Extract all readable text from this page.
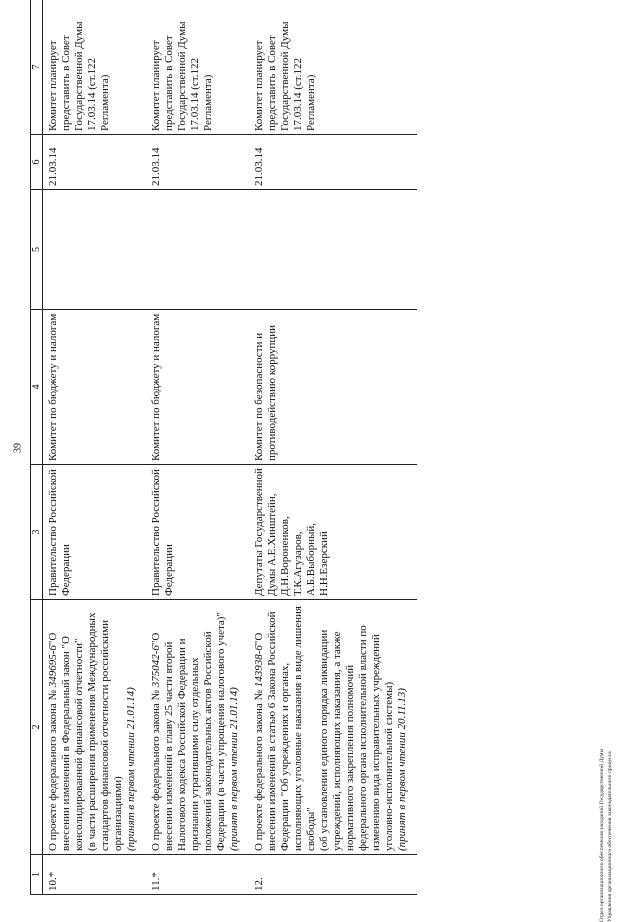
39
1	2	3	4	5	6	7
10.*	О проекте федерального закона № 349695-6"О внесении изменений в Федеральный закон "О консолидированной финансовой отчетности"
(в части расширения применения Международных стандартов финансовой отчетности российскими организациями)
(принят в первом чтении 21.01.14)	Правительство Российской Федерации	Комитет по бюджету и налогам		21.03.14	Комитет планирует представить в Совет Государственной Думы 17.03.14 (ст.122 Регламента)
11.*	О проекте федерального закона № 375042-6"О внесении изменений в главу 25 части второй Налогового кодекса Российской Федерации и признании утратившими силу отдельных положений законодательных актов Российской Федерации (в части упрощения налогового учета)"
(принят в первом чтении 21.01.14)	Правительство Российской Федерации	Комитет по бюджету и налогам		21.03.14	Комитет планирует представить в Совет Государственной Думы 17.03.14 (ст.122 Регламента)
12.	О проекте федерального закона № 143938-6"О внесении изменений в статью 6 Закона Российской Федерации "Об учреждениях и органах, исполняющих уголовные наказания в виде лишения свободы"
(об установлении единого порядка ликвидации учреждений, исполняющих наказания, а также нормативного закрепления полномочий федерального органа исполнительной власти по изменению вида исправительных учреждений уголовно-исполнительной системы)
(принят в первом чтении 20.11.13)	Депутаты Государственной Думы А.Е.Хинштейн, Д.Н.Вороненков, Т.К.Агузаров, А.Б.Выборный, Н.Н.Езерский	Комитет по безопасности и противодействию коррупции		21.03.14	Комитет планирует представить в Совет Государственной Думы 17.03.14 (ст.122 Регламента)
Отдел организационного обеспечения заседаний Государственной Думы Управления организационного обеспечения законодательного процесса
